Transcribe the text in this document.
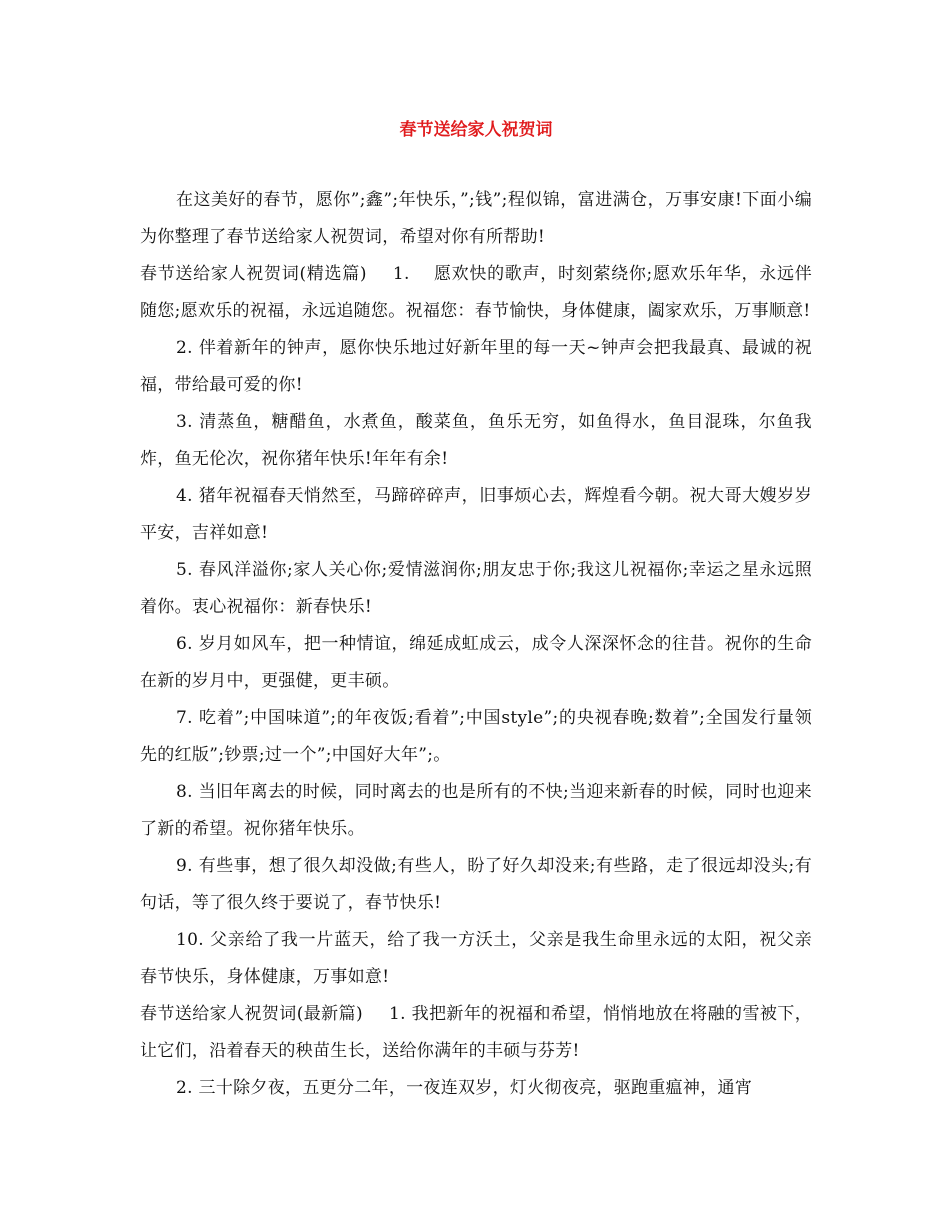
春节送给家人祝贺词

在这美好的春节，愿你”;鑫”;年快乐，”;钱”;程似锦，富进满仓，万事安康!下面小编为你整理了春节送给家人祝贺词，希望对你有所帮助!

春节送给家人祝贺词(精选篇) 1.　 愿欢快的歌声，时刻萦绕你;愿欢乐年华，永远伴随您;愿欢乐的祝福，永远追随您。祝福您：春节愉快，身体健康，阖家欢乐，万事顺意!

2. 伴着新年的钟声，愿你快乐地过好新年里的每一天~钟声会把我最真、最诚的祝福，带给最可爱的你!

3. 清蒸鱼，糖醋鱼，水煮鱼，酸菜鱼，鱼乐无穷，如鱼得水，鱼目混珠，尔鱼我炸，鱼无伦次，祝你猪年快乐!年年有余!

4. 猪年祝福春天悄然至，马蹄碎碎声，旧事烦心去，辉煌看今朝。祝大哥大嫂岁岁平安，吉祥如意!

5. 春风洋溢你;家人关心你;爱情滋润你;朋友忠于你;我这儿祝福你;幸运之星永远照着你。衷心祝福你：新春快乐!

6. 岁月如风车，把一种情谊，绵延成虹成云，成令人深深怀念的往昔。祝你的生命在新的岁月中，更强健，更丰硕。

7. 吃着”;中国味道”;的年夜饭;看着”;中国style”;的央视春晚;数着”;全国发行量领先的红版”;钞票;过一个”;中国好大年”;。

8. 当旧年离去的时候，同时离去的也是所有的不快;当迎来新春的时候，同时也迎来了新的希望。祝你猪年快乐。

9. 有些事，想了很久却没做;有些人，盼了好久却没来;有些路，走了很远却没头;有句话，等了很久终于要说了，春节快乐!

10. 父亲给了我一片蓝天，给了我一方沃土，父亲是我生命里永远的太阳，祝父亲春节快乐，身体健康，万事如意!

春节送给家人祝贺词(最新篇) 1. 我把新年的祝福和希望，悄悄地放在将融的雪被下，让它们，沿着春天的秧苗生长，送给你满年的丰硕与芬芳!

2. 三十除夕夜，五更分二年，一夜连双岁，灯火彻夜亮，驱跑重瘟神，通宵
